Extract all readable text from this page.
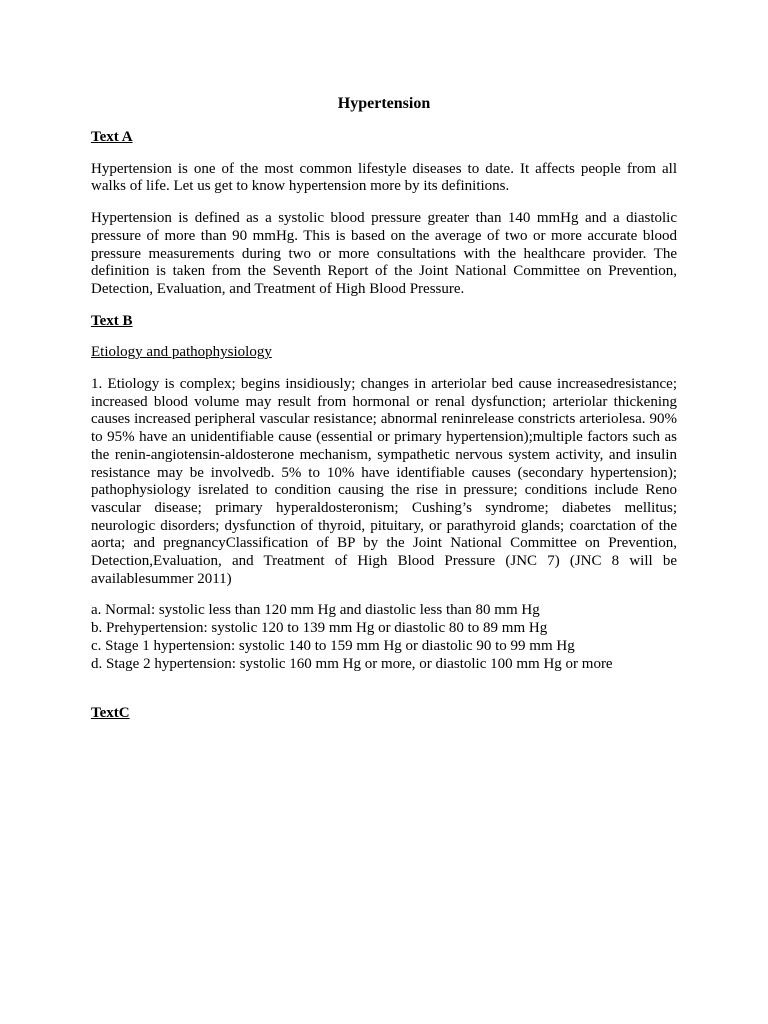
Hypertension
Text A

Hypertension is one of the most common lifestyle diseases to date. It affects people from all walks of life. Let us get to know hypertension more by its definitions.

Hypertension is defined as a systolic blood pressure greater than 140 mmHg and a diastolic pressure of more than 90 mmHg. This is based on the average of two or more accurate blood pressure measurements during two or more consultations with the healthcare provider. The definition is taken from the Seventh Report of the Joint National Committee on Prevention, Detection, Evaluation, and Treatment of High Blood Pressure.

Text B
Etiology and pathophysiology

1. Etiology is complex; begins insidiously; changes in arteriolar bed cause increasedresistance; increased blood volume may result from hormonal or renal dysfunction; arteriolar thickening causes increased peripheral vascular resistance; abnormal reninrelease constricts arteriolesa. 90% to 95% have an unidentifiable cause (essential or primary hypertension);multiple factors such as the renin-angiotensin-aldosterone mechanism, sympathetic nervous system activity, and insulin resistance may be involvedb. 5% to 10% have identifiable causes (secondary hypertension); pathophysiology isrelated to condition causing the rise in pressure; conditions include Reno vascular disease; primary hyperaldosteronism; Cushing’s syndrome; diabetes mellitus; neurologic disorders; dysfunction of thyroid, pituitary, or parathyroid glands; coarctation of the aorta; and pregnancyClassification of BP by the Joint National Committee on Prevention, Detection,Evaluation, and Treatment of High Blood Pressure (JNC 7) (JNC 8 will be availablesummer 2011)

a. Normal: systolic less than 120 mm Hg and diastolic less than 80 mm Hg
b. Prehypertension: systolic 120 to 139 mm Hg or diastolic 80 to 89 mm Hg
c. Stage 1 hypertension: systolic 140 to 159 mm Hg or diastolic 90 to 99 mm Hg
d. Stage 2 hypertension: systolic 160 mm Hg or more, or diastolic 100 mm Hg or more
TextC
